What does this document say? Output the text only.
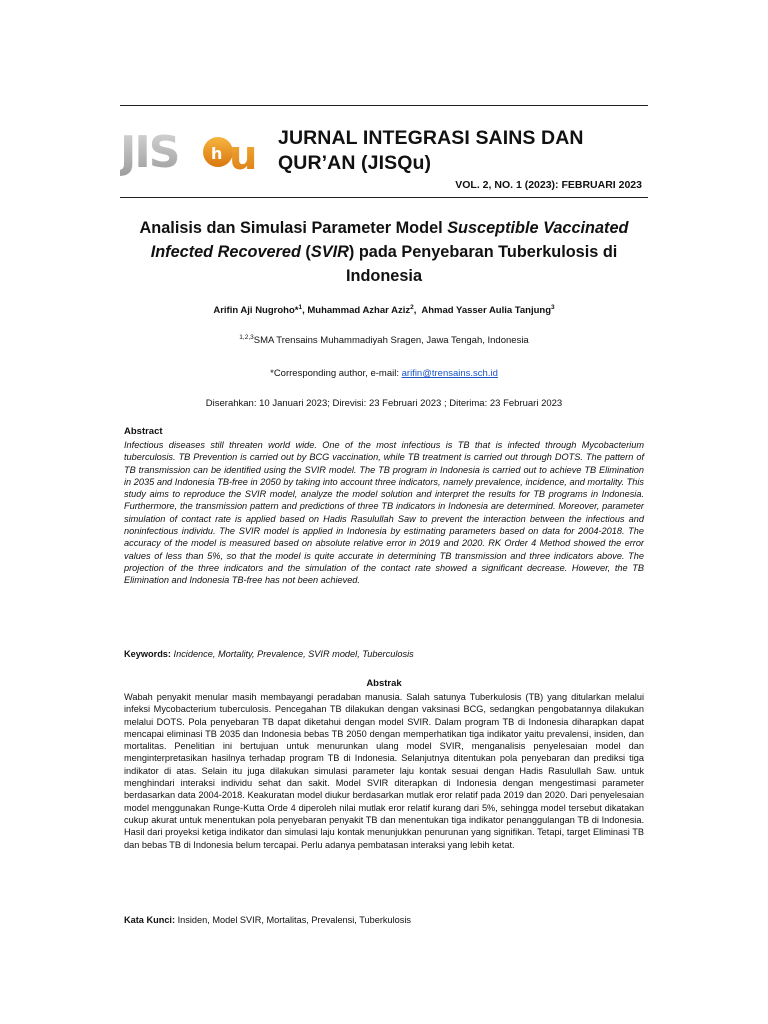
JIS h u JURNAL INTEGRASI SAINS DAN QUR’AN (JISQu)
VOL. 2, NO. 1 (2023): FEBRUARI 2023
Analisis dan Simulasi Parameter Model Susceptible Vaccinated Infected Recovered (SVIR) pada Penyebaran Tuberkulosis di Indonesia
Arifin Aji Nugroho*$^1$, Muhammad Azhar Aziz$^2$,  Ahmad Yasser Aulia Tanjung$^3$
$^{1,2,3}$SMA Trensains Muhammadiyah Sragen, Jawa Tengah, Indonesia
*Corresponding author, e-mail: arifin@trensains.sch.id
Diserahkan: 10 Januari 2023; Direvisi: 23 Februari 2023 ; Diterima: 23 Februari 2023
Abstract
Infectious diseases still threaten world wide. One of the most infectious is TB that is infected through Mycobacterium tuberculosis. TB Prevention is carried out by BCG vaccination, while TB treatment is carried out through DOTS. The pattern of TB transmission can be identified using the SVIR model. The TB program in Indonesia is carried out to achieve TB Elimination in 2035 and Indonesia TB-free in 2050 by taking into account three indicators, namely prevalence, incidence, and mortality. This study aims to reproduce the SVIR model, analyze the model solution and interpret the results for TB programs in Indonesia. Furthermore, the transmission pattern and predictions of three TB indicators in Indonesia are determined. Moreover, parameter simulation of contact rate is applied based on Hadis Rasulullah Saw to prevent the interaction between the infectious and noninfectious individu. The SVIR model is applied in Indonesia by estimating parameters based on data for 2004-2018. The accuracy of the model is measured based on absolute relative error in 2019 and 2020. RK Order 4 Method showed the error values of less than 5%, so that the model is quite accurate in determining TB transmission and three indicators above. The projection of the three indicators and the simulation of the contact rate showed a significant decrease. However, the TB Elimination and Indonesia TB-free has not been achieved.
Keywords: Incidence, Mortality, Prevalence, SVIR model, Tuberculosis
Abstrak
Wabah penyakit menular masih membayangi peradaban manusia. Salah satunya Tuberkulosis (TB) yang ditularkan melalui infeksi Mycobacterium tuberculosis. Pencegahan TB dilakukan dengan vaksinasi BCG, sedangkan pengobatannya dilakukan melalui DOTS. Pola penyebaran TB dapat diketahui dengan model SVIR. Dalam program TB di Indonesia diharapkan dapat mencapai eliminasi TB 2035 dan Indonesia bebas TB 2050 dengan memperhatikan tiga indikator yaitu prevalensi, insiden, dan mortalitas. Penelitian ini bertujuan untuk menurunkan ulang model SVIR, menganalisis penyelesaian model dan menginterpretasikan hasilnya terhadap program TB di Indonesia. Selanjutnya ditentukan pola penyebaran dan prediksi tiga indikator di atas. Selain itu juga dilakukan simulasi parameter laju kontak sesuai dengan Hadis Rasulullah Saw. untuk menghindari interaksi individu sehat dan sakit. Model SVIR diterapkan di Indonesia dengan mengestimasi parameter berdasarkan data 2004-2018. Keakuratan model diukur berdasarkan mutlak eror relatif pada 2019 dan 2020. Dari penyelesaian model menggunakan Runge-Kutta Orde 4 diperoleh nilai mutlak eror relatif kurang dari 5%, sehingga model tersebut dikatakan cukup akurat untuk menentukan pola penyebaran penyakit TB dan menentukan tiga indikator penanggulangan TB di Indonesia. Hasil dari proyeksi ketiga indikator dan simulasi laju kontak menunjukkan penurunan yang signifikan. Tetapi, target Eliminasi TB dan bebas TB di Indonesia belum tercapai. Perlu adanya pembatasan interaksi yang lebih ketat.
Kata Kunci: Insiden, Model SVIR, Mortalitas, Prevalensi, Tuberkulosis
